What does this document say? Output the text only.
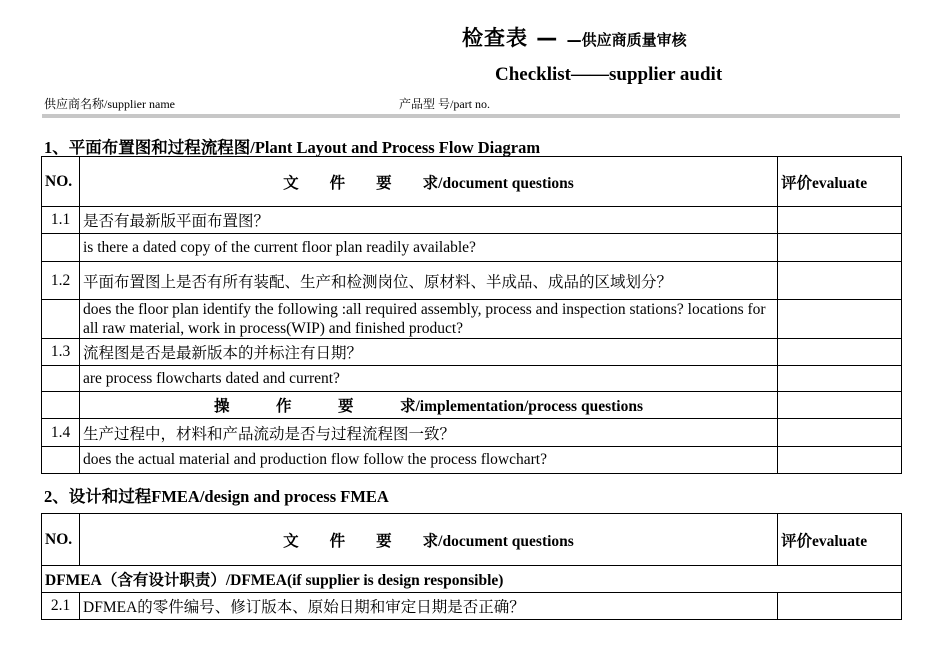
检查表 — —供应商质量审核
Checklist——supplier audit
供应商名称/supplier name	产品型 号/part no.
1、平面布置图和过程流程图/Plant Layout and Process Flow Diagram
NO.	文　　件　　要　　求/document questions	评价evaluate
1.1	是否有最新版平面布置图？	
	is there a dated copy of the current floor plan readily available?	
1.2	平面布置图上是否有所有装配、生产和检测岗位、原材料、半成品、成品的区域划分？	
	does the floor plan identify the following :all required assembly, process and inspection stations? locations for all raw material, work in process(WIP) and finished product?	
1.3	流程图是否是最新版本的并标注有日期？	
	are process flowcharts dated and current?	
	操　　　作　　　要　　　求/implementation/process questions	
1.4	生产过程中，材料和产品流动是否与过程流程图一致？	
	does the actual material and production flow follow the process flowchart?	
2、设计和过程FMEA/design and process FMEA
NO.	文　　件　　要　　求/document questions	评价evaluate
DFMEA（含有设计职责）/DFMEA(if supplier is design responsible)		
2.1	DFMEA的零件编号、修订版本、原始日期和审定日期是否正确？	
